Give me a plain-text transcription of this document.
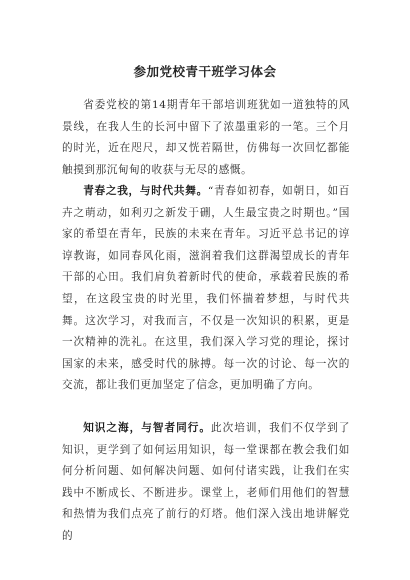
参加党校青干班学习体会

省委党校的第14期青年干部培训班犹如一道独特的风景线，在我人生的长河中留下了浓墨重彩的一笔。三个月的时光，近在咫尺，却又恍若隔世，仿佛每一次回忆都能触摸到那沉甸甸的收获与无尽的感慨。

青春之我，与时代共舞。“青春如初春，如朝日，如百卉之萌动，如利刃之新发于硎，人生最宝贵之时期也。”国家的希望在青年，民族的未来在青年。习近平总书记的谆谆教诲，如同春风化雨，滋润着我们这群渴望成长的青年干部的心田。我们肩负着新时代的使命，承载着民族的希望，在这段宝贵的时光里，我们怀揣着梦想，与时代共舞。这次学习，对我而言，不仅是一次知识的积累，更是一次精神的洗礼。在这里，我们深入学习党的理论，探讨国家的未来，感受时代的脉搏。每一次的讨论、每一次的交流，都让我们更加坚定了信念，更加明确了方向。

知识之海，与智者同行。此次培训，我们不仅学到了知识，更学到了如何运用知识，每一堂课都在教会我们如何分析问题、如何解决问题、如何付诸实践，让我们在实践中不断成长、不断进步。课堂上，老师们用他们的智慧和热情为我们点亮了前行的灯塔。他们深入浅出地讲解党的
